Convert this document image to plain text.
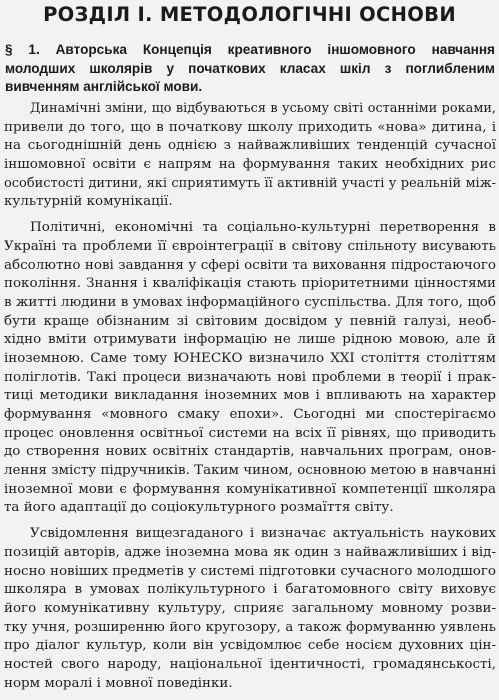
РОЗДІЛ І. МЕТОДОЛОГІЧНІ ОСНОВИ
§ 1. Авторська Концепція креативного іншомовного навчання
молодших школярів у початкових класах шкіл з поглибленим
вивченням англійської мови.
Динамічні зміни, що відбуваються в усьому світі останніми роками,
привели до того, що в початкову школу приходить «нова» дитина, і
на сьогоднішній день однією з найважливіших тенденцій сучасної
іншомовної освіти є напрям на формування таких необхідних рис
особистості дитини, які сприятимуть її активній участі у реальній між-
культурній комунікації.
Політичні, економічні та соціально-культурні перетворення в
Україні та проблеми її євроінтеграції в світову спільноту висувають
абсолютно нові завдання у сфері освіти та виховання підростаючого
покоління. Знання і кваліфікація стають пріоритетними цінностями
в житті людини в умовах інформаційного суспільства. Для того, щоб
бути краще обізнаним зі світовим досвідом у певній галузі, необ-
хідно вміти отримувати інформацію не лише рідною мовою, але й
іноземною. Саме тому ЮНЕСКО визначило XXI століття століттям
поліглотів. Такі процеси визначають нові проблеми в теорії і прак-
тиці методики викладання іноземних мов і впливають на характер
формування «мовного смаку епохи». Сьогодні ми спостерігаємо
процес оновлення освітньої системи на всіх її рівнях, що приводить
до створення нових освітніх стандартів, навчальних програм, онов-
лення змісту підручників. Таким чином, основною метою в навчанні
іноземної мови є формування комунікативної компетенції школяра
та його адаптації до соціокультурного розмаїття світу.
Усвідомлення вищезгаданого і визначає актуальність наукових
позицій авторів, адже іноземна мова як один з найважливіших і від-
носно новіших предметів у системі підготовки сучасного молодшого
школяра в умовах полікультурного і багатомовного світу виховує
його комунікативну культуру, сприяє загальному мовному розви-
тку учня, розширенню його кругозору, а також формуванню уявлень
про діалог культур, коли він усвідомлює себе носієм духовних цін-
ностей свого народу, національної ідентичності, громадянськості,
норм моралі і мовної поведінки.
